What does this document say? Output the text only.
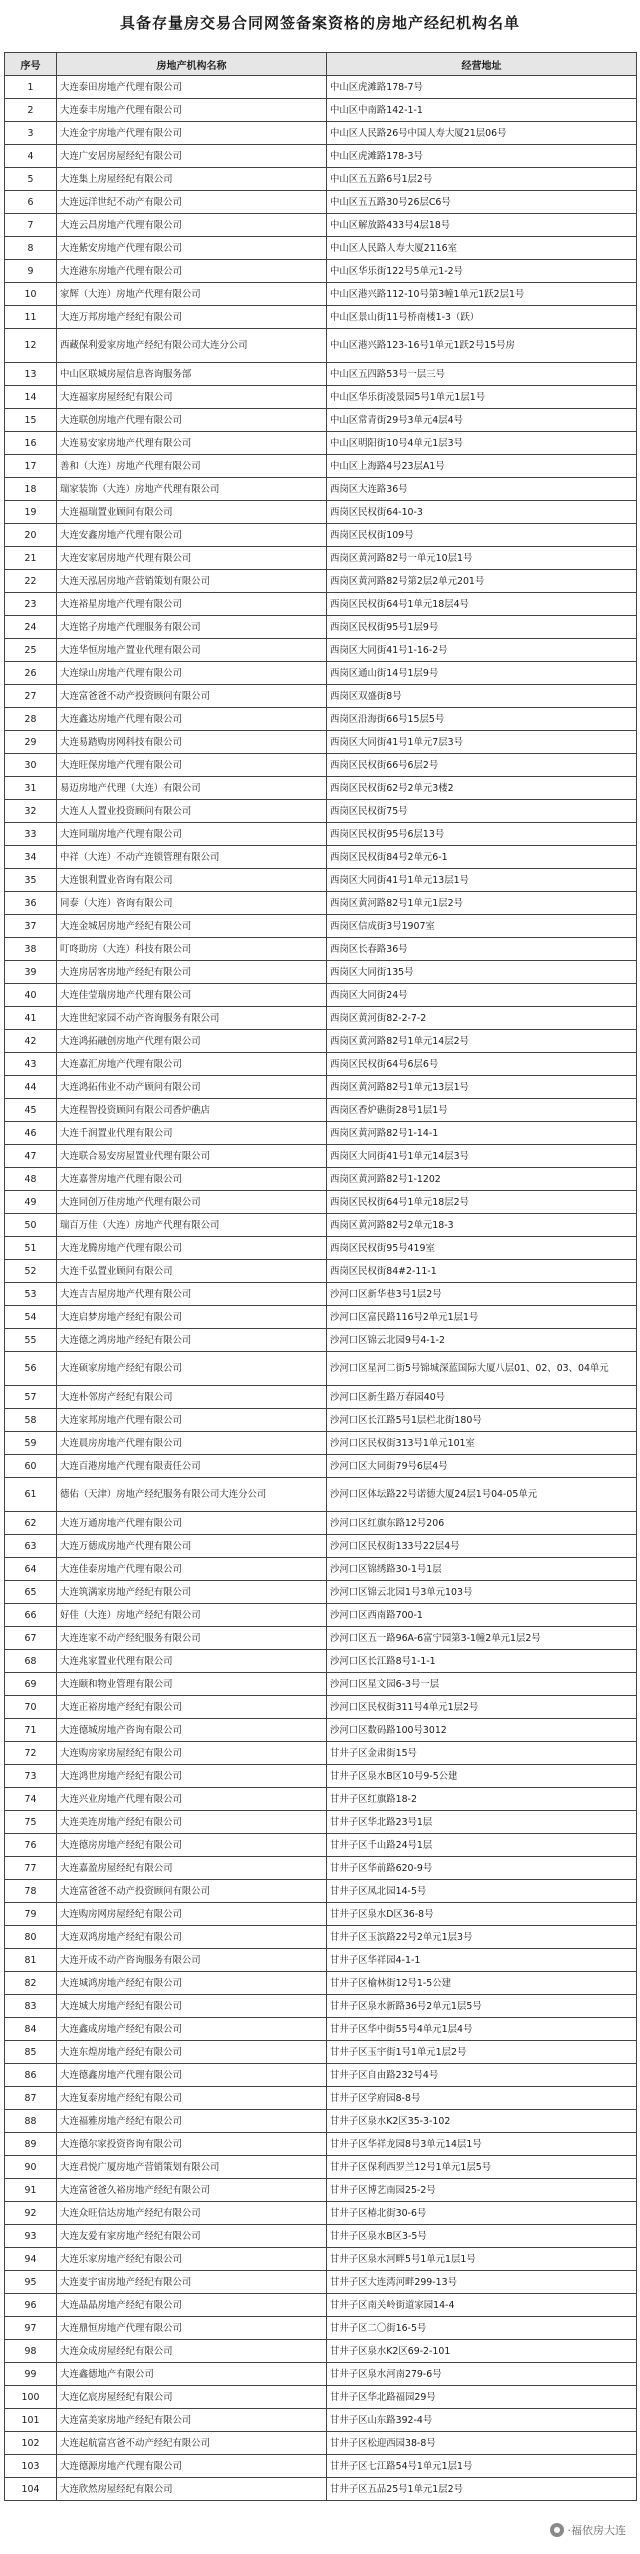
具备存量房交易合同网签备案资格的房地产经纪机构名单
序号	房地产机构名称	经营地址
1	大连泰田房地产代理有限公司	中山区虎滩路178-7号
2	大连泰丰房地产代理有限公司	中山区中南路142-1-1
3	大连金宇房地产代理有限公司	中山区人民路26号中国人寿大厦21层06号
4	大连广安居房屋经纪有限公司	中山区虎滩路178-3号
5	大连集上房屋经纪有限公司	中山区五五路6号1层2号
6	大连远洋世纪不动产有限公司	中山区五五路30号26层C6号
7	大连云昌房地产代理有限公司	中山区解放路433号4层18号
8	大连紫安房地产代理有限公司	中山区人民路人寿大厦2116室
9	大连港东房地产代理有限公司	中山区华乐街122号5单元1-2号
10	家辉（大连）房地产代理有限公司	中山区港兴路112-10号第3幢1单元1跃2层1号
11	大连万邦房地产经纪有限公司	中山区景山街11号桥南楼1-3（跃）
12	西藏保利爱家房地产经纪有限公司大连分公司	中山区港兴路123-16号1单元1跃2号15号房
13	中山区联城房屋信息咨询服务部	中山区五四路53号一层三号
14	大连福家房屋经纪有限公司	中山区华乐街凌景园5号1单元1层1号
15	大连联创房地产代理有限公司	中山区常青街29号3单元4层4号
16	大连易安家房地产代理有限公司	中山区明阳街10号4单元1层3号
17	善和（大连）房地产代理有限公司	中山区上海路4号23层A1号
18	瑞家装饰（大连）房地产代理有限公司	西岗区大连路36号
19	大连福瑞置业顾问有限公司	西岗区民权街64-10-3
20	大连安鑫房地产代理有限公司	西岗区民权街109号
21	大连安家居房地产代理有限公司	西岗区黄河路82号一单元10层1号
22	大连天泓居房地产营销策划有限公司	西岗区黄河路82号第2层2单元201号
23	大连裕星房地产代理有限公司	西岗区民权街64号1单元18层4号
24	大连铭子房地产代理服务有限公司	西岗区民权街95号1层9号
25	大连华恒房地产置业代理有限公司	西岗区大同街41号1-16-2号
26	大连绿山房地产代理有限公司	西岗区通山街14号1层9号
27	大连富爸爸不动产投资顾问有限公司	西岗区双盛街8号
28	大连鑫达房地产代理有限公司	西岗区沿海街66号15层5号
29	大连易踏购房网科技有限公司	西岗区大同街41号1单元7层3号
30	大连旺保房地产代理有限公司	西岗区民权街66号6层2号
31	易迈房地产代理（大连）有限公司	西岗区民权街62号2单元3楼2
32	大连人人置业投资顾问有限公司	西岗区民权街75号
33	大连同瑞房地产代理有限公司	西岗区民权街95号6层13号
34	中祥（大连）不动产连锁管理有限公司	西岗区民权街84号2单元6-1
35	大连银利置业咨询有限公司	西岗区大同街41号1单元13层1号
36	同泰（大连）咨询有限公司	西岗区黄河路82号1单元1层2号
37	大连金城居房地产经纪有限公司	西岗区信成街3号1907室
38	叮咚助房（大连）科技有限公司	西岗区长春路36号
39	大连房居客房地产经纪有限公司	西岗区大同街135号
40	大连佳莹瑞房地产代理有限公司	西岗区大同街24号
41	大连世纪家园不动产咨询服务有限公司	西岗区黄河街82-2-7-2
42	大连鸿拓融创房地产代理有限公司	西岗区黄河路82号1单元14层2号
43	大连嘉汇房地产代理有限公司	西岗区民权街64号6层6号
44	大连鸿拓伟业不动产顾问有限公司	西岗区黄河路82号1单元13层1号
45	大连程智投资顾问有限公司香炉礁店	西岗区香炉礁街28号1层1号
46	大连千润置业代理有限公司	西岗区黄河路82号1-14-1
47	大连联合易安房屋置业代理有限公司	西岗区大同街41号1单元14层3号
48	大连嘉誉房地产代理有限公司	西岗区黄河路82号1-1202
49	大连同创万佳房地产代理有限公司	西岗区民权街64号1单元18层2号
50	瑞百万佳（大连）房地产代理有限公司	西岗区黄河路82号2单元18-3
51	大连龙腾房地产代理有限公司	西岗区民权街95号419室
52	大连千弘置业顾问有限公司	西岗区民权街84#2-11-1
53	大连吉吉屋房地产代理有限公司	沙河口区新华巷3号1层2号
54	大连启梦房地产经纪有限公司	沙河口区富民路116号2单元1层1号
55	大连德之鸿房地产经纪有限公司	沙河口区锦云北园9号4-1-2
56	大连硕家房地产经纪有限公司	沙河口区星河二街5号锦城深蓝国际大厦八层01、02、03、04单元
57	大连朴邻房产经纪有限公司	沙河口区新生路万春园40号
58	大连家邦房地产代理有限公司	沙河口区长江路5号1层栏北街180号
59	大连晨房房地产代理有限公司	沙河口区民权街313号1单元101室
60	大连百港房地产代理有限责任公司	沙河口区大同街79号6层4号
61	德佑（天津）房地产经纪服务有限公司大连分公司	沙河口区体坛路22号诺德大厦24层1号04-05单元
62	大连万通房地产代理有限公司	沙河口区红旗东路12号206
63	大连万德成房地产代理有限公司	沙河口区民权街133号22层4号
64	大连佳泰房地产代理有限公司	沙河口区锦绣路30-1号1层
65	大连筑满家房地产经纪有限公司	沙河口区锦云北园1号3单元103号
66	好佳（大连）房地产经纪有限公司	沙河口区西南路700-1
67	大连连家不动产经纪服务有限公司	沙河口区五一路96A-6富宁园第3-1幢2单元1层2号
68	大连兆家置业代理有限公司	沙河口区长江路8号1-1-1
69	大连颐和物业管理有限公司	沙河口区星文园6-3号一层
70	大连正裕房地产经纪有限公司	沙河口区民权街311号4单元1层2号
71	大连德城房地产咨询有限公司	沙河口区数码路100号3012
72	大连购房家房屋经纪有限公司	甘井子区金肃街15号
73	大连鸿世房地产经纪有限公司	甘井子区泉水B区10号9-5公建
74	大连兴业房地产代理有限公司	甘井子区红旗路18-2
75	大连美连房地产经纪有限公司	甘井子区华北路23号1层
76	大连德房房地产经纪有限公司	甘井子区千山路24号1层
77	大连嘉盈房屋经纪有限公司	甘井子区华前路620-9号
78	大连富爸爸不动产投资顾问有限公司	甘井子区凤北园14-5号
79	大连购房网房屋经纪有限公司	甘井子区泉水D区36-8号
80	大连双鸿房地产经纪有限公司	甘井子区玉滨路22号2单元1层3号
81	大连开成不动产咨询服务有限公司	甘井子区华祥园4-1-1
82	大连城鸿房地产经纪有限公司	甘井子区榆林街12号1-5公建
83	大连城大房地产经纪有限公司	甘井子区泉水新路36号2单元1层5号
84	大连鑫成房地产经纪有限公司	甘井子区华中街55号4单元1层4号
85	大连东煌房地产经纪有限公司	甘井子区玉宇街1号1单元1层2号
86	大连德鑫房地产代理有限公司	甘井子区自由路232号4号
87	大连复泰房地产经纪有限公司	甘井子区学府园8-8号
88	大连福雅房地产经纪有限公司	甘井子区泉水K2区35-3-102
89	大连德尔家投资咨询有限公司	甘井子区华祥龙园8号3单元14层1号
90	大连君悦广厦房地产营销策划有限公司	甘井子区保利西罗兰12号1单元1层5号
91	大连富爸爸久裕房地产经纪有限公司	甘井子区博艺南园25-2号
92	大连众旺信达房地产经纪有限公司	甘井子区椿北街30-6号
93	大连友爱有家房地产经纪有限公司	甘井子区泉水B区3-5号
94	大连乐家房地产经纪有限公司	甘井子区泉水河畔5号1单元1层1号
95	大连麦宇宙房地产经纪有限公司	甘井子区大连湾河畔299-13号
96	大连晶晶房地产经纪有限公司	甘井子区南关岭街道家园14-4
97	大连鼎恒房地产代理有限公司	甘井子区二〇街16-5号
98	大连众成房屋经纪有限公司	甘井子区泉水K2区69-2-101
99	大连鑫德地产有限公司	甘井子区泉水河南279-6号
100	大连亿宸房屋经纪有限公司	甘井子区华北路福园29号
101	大连富美家房地产经纪有限公司	甘井子区山东路392-4号
102	大连起航富宫爸不动产经纪有限公司	甘井子区松迎西园38-8号
103	大连德源房地产代理有限公司	甘井子区七江路54号1单元1层1号
104	大连欣然房屋经纪有限公司	甘井子区五品25号1单元1层2号
·福依房大连
